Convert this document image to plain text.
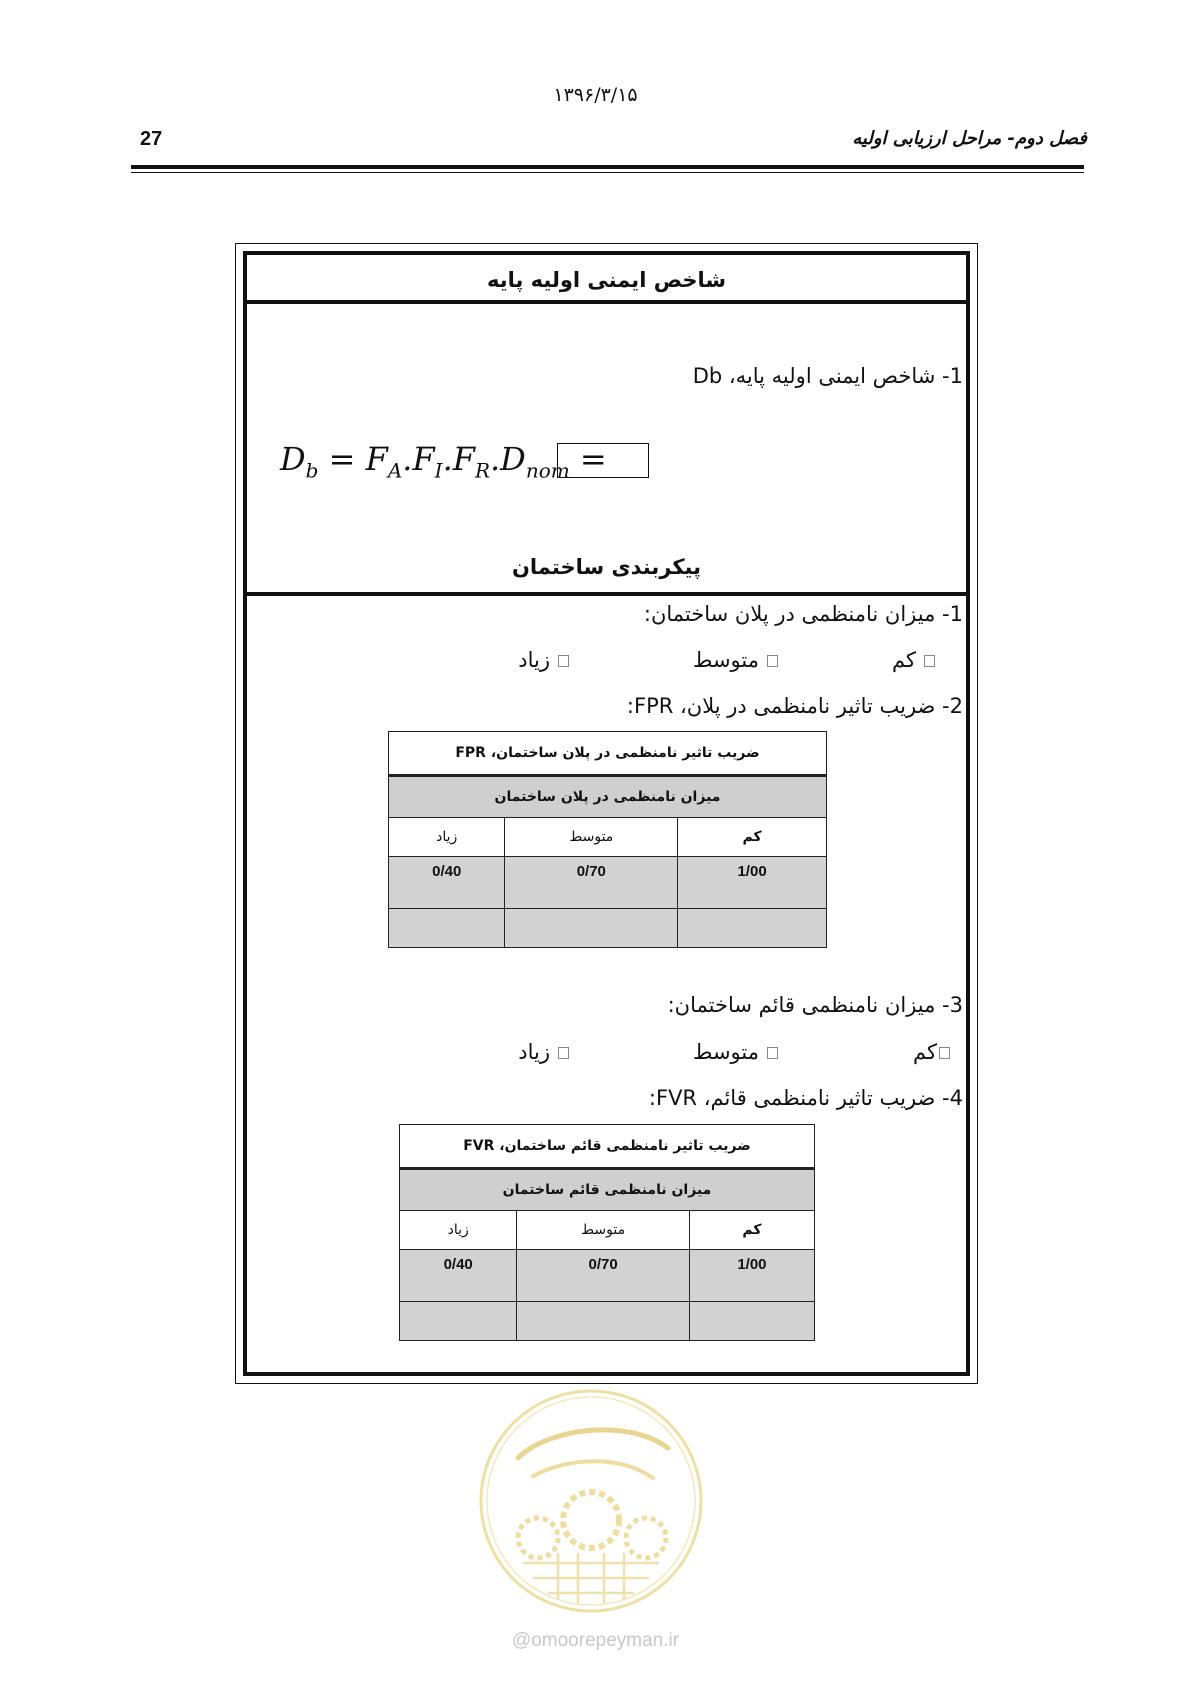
۱۳۹۶/۳/۱۵
27	فصل دوم- مراحل ارزیابی اولیه
شاخص ایمنی اولیه پایه
1- شاخص ایمنی اولیه پایه، Db
$D_b = F_A.F_I.F_R.D_{nom}$ =
پیکربندی ساختمان
1- میزان نامنظمی در پلان ساختمان:
کم
متوسط
زیاد
2- ضریب تاثیر نامنظمی در پلان، FPR:
ضریب تاثیر نامنظمی در پلان ساختمان، FPR		
میزان نامنظمی در پلان ساختمان		
کم	متوسط	زیاد
1/00	0/70	0/40

3- میزان نامنظمی قائم ساختمان:
کم
متوسط
زیاد
4- ضریب تاثیر نامنظمی قائم، FVR:
ضریب تاثیر نامنظمی قائم ساختمان، FVR		
میزان نامنظمی قائم ساختمان		
کم	متوسط	زیاد
1/00	0/70	0/40

@omoorepeyman.ir
